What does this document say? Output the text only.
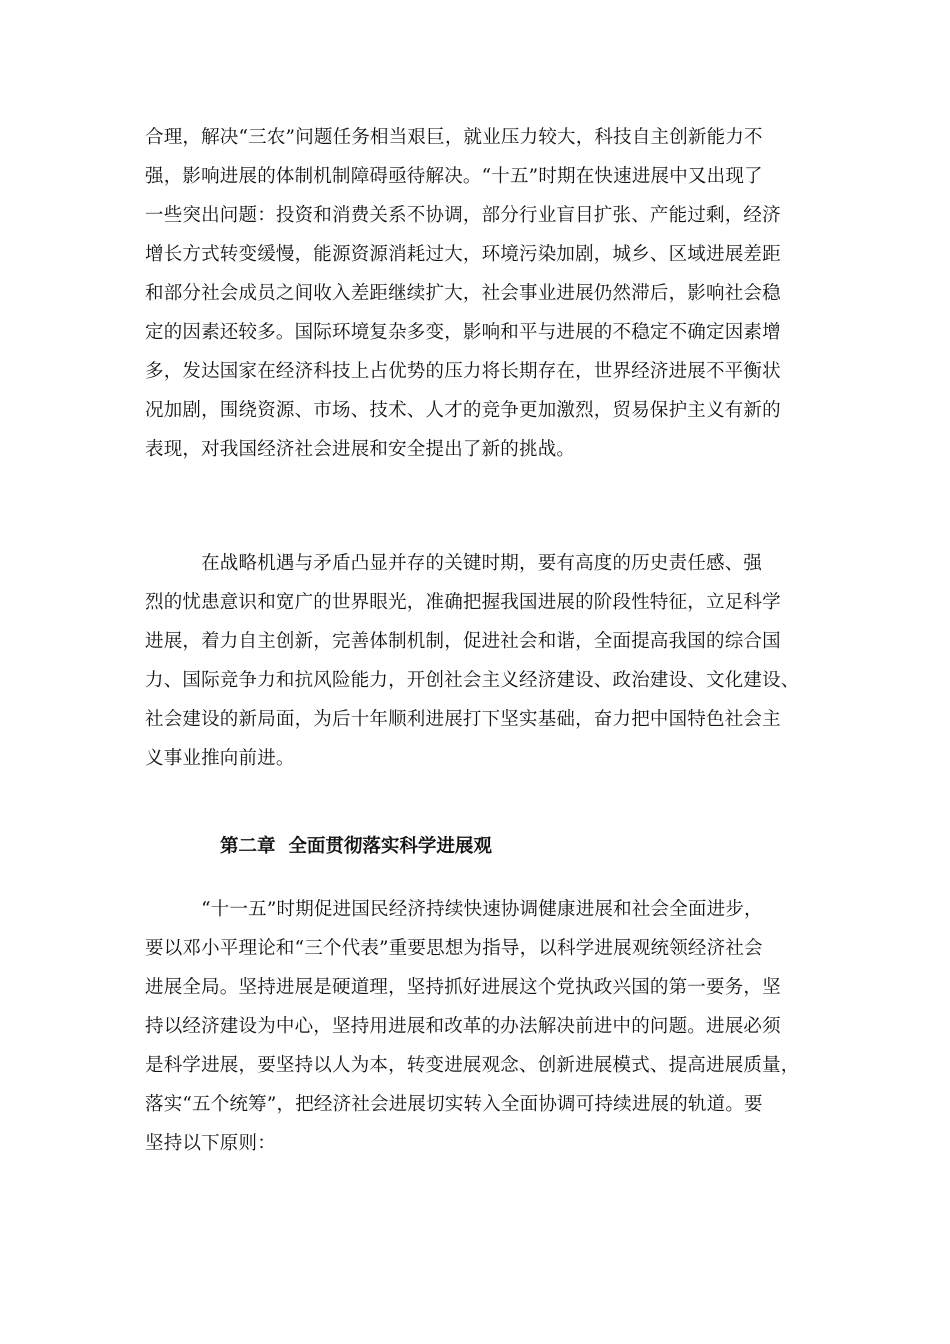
合理，解决“三农”问题任务相当艰巨，就业压力较大，科技自主创新能力不
强，影响进展的体制机制障碍亟待解决。“十五”时期在快速进展中又出现了
一些突出问题：投资和消费关系不协调，部分行业盲目扩张、产能过剩，经济
增长方式转变缓慢，能源资源消耗过大，环境污染加剧，城乡、区域进展差距
和部分社会成员之间收入差距继续扩大，社会事业进展仍然滞后，影响社会稳
定的因素还较多。国际环境复杂多变，影响和平与进展的不稳定不确定因素增
多，发达国家在经济科技上占优势的压力将长期存在，世界经济进展不平衡状
况加剧，围绕资源、市场、技术、人才的竞争更加激烈，贸易保护主义有新的
表现，对我国经济社会进展和安全提出了新的挑战。

　　　在战略机遇与矛盾凸显并存的关键时期，要有高度的历史责任感、强
烈的忧患意识和宽广的世界眼光，准确把握我国进展的阶段性特征，立足科学
进展，着力自主创新，完善体制机制，促进社会和谐，全面提高我国的综合国
力、国际竞争力和抗风险能力，开创社会主义经济建设、政治建设、文化建设、
社会建设的新局面，为后十年顺利进展打下坚实基础，奋力把中国特色社会主
义事业推向前进。

第二章  全面贯彻落实科学进展观

　　　“十一五”时期促进国民经济持续快速协调健康进展和社会全面进步，
要以邓小平理论和“三个代表”重要思想为指导，以科学进展观统领经济社会
进展全局。坚持进展是硬道理，坚持抓好进展这个党执政兴国的第一要务，坚
持以经济建设为中心，坚持用进展和改革的办法解决前进中的问题。进展必须
是科学进展，要坚持以人为本，转变进展观念、创新进展模式、提高进展质量，
落实“五个统筹”，把经济社会进展切实转入全面协调可持续进展的轨道。要
坚持以下原则：
